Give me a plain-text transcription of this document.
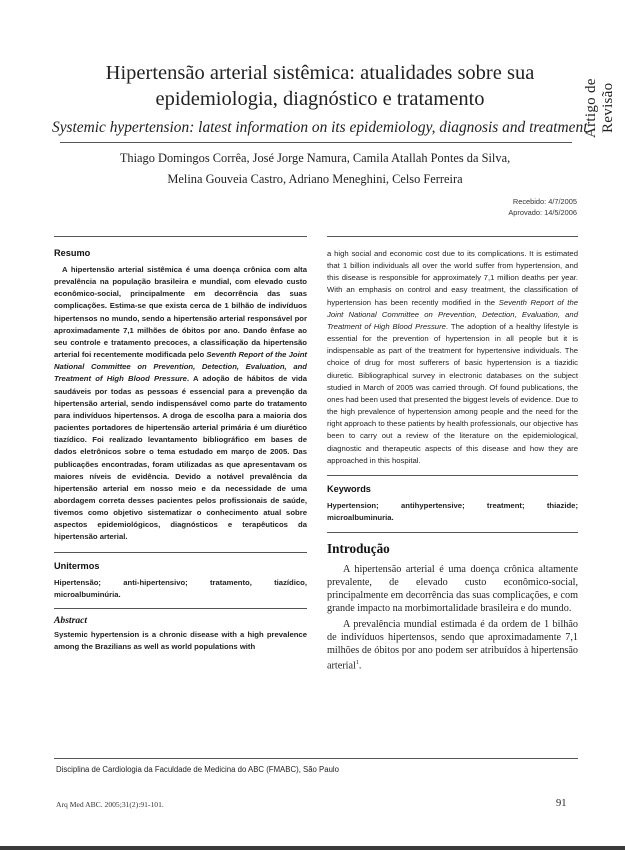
Artigo de Revisão
Hipertensão arterial sistêmica: atualidades sobre sua
epidemiologia, diagnóstico e tratamento
Systemic hypertension: latest information on its epidemiology, diagnosis and treatment
Thiago Domingos Corrêa, José Jorge Namura, Camila Atallah Pontes da Silva,
Melina Gouveia Castro, Adriano Meneghini, Celso Ferreira
Recebido: 4/7/2005
Aprovado: 14/5/2006
Resumo

A hipertensão arterial sistêmica é uma doença crônica com alta prevalência na população brasileira e mundial, com elevado custo econômico-social, principalmente em decorrência das suas complicações. Estima-se que exista cerca de 1 bilhão de indivíduos hipertensos no mundo, sendo a hipertensão arterial responsável por aproximadamente 7,1 milhões de óbitos por ano. Dando ênfase ao seu controle e tratamento precoces, a classificação da hipertensão arterial foi recentemente modificada pelo Seventh Report of the Joint National Committee on Prevention, Detection, Evaluation, and Treatment of High Blood Pressure. A adoção de hábitos de vida saudáveis por todas as pessoas é essencial para a prevenção da hipertensão arterial, sendo indispensável como parte do tratamento para indivíduos hipertensos. A droga de escolha para a maioria dos pacientes portadores de hipertensão arterial primária é um diurético tiazídico. Foi realizado levantamento bibliográfico em bases de dados eletrônicos sobre o tema estudado em março de 2005. Das publicações encontradas, foram utilizadas as que apresentavam os maiores níveis de evidência. Devido a notável prevalência da hipertensão arterial em nosso meio e da necessidade de uma abordagem correta desses pacientes pelos profissionais de saúde, tivemos como objetivo sistematizar o conhecimento atual sobre aspectos epidemiológicos, diagnósticos e terapêuticos da hipertensão arterial.

Unitermos

Hipertensão; anti-hipertensivo; tratamento, tiazídico, microalbuminúria.

Abstract

Systemic hypertension is a chronic disease with a high prevalence among the Brazilians as well as world populations with

a high social and economic cost due to its complications. It is estimated that 1 billion individuals all over the world suffer from hypertension, and this disease is responsible for approximately 7,1 million deaths per year. With an emphasis on control and easy treatment, the classification of hypertension has been recently modified in the Seventh Report of the Joint National Committee on Prevention, Detection, Evaluation, and Treatment of High Blood Pressure. The adoption of a healthy lifestyle is essential for the prevention of hypertension in all people but it is indispensable as part of the treatment for hypertensive individuals. The choice of drug for most sufferers of basic hypertension is a tiazidic diuretic. Bibliographical survey in electronic databases on the subject studied in March of 2005 was carried through. Of found publications, the ones had been used that presented the biggest levels of evidence. Due to the high prevalence of hypertension among people and the need for the right approach to these patients by health professionals, our objective has been to carry out a review of the literature on the epidemiological, diagnostic and therapeutic aspects of this disease and how they are approached in this hospital.

Keywords

Hypertension; antihypertensive; treatment; thiazide; microalbuminuria.

Introdução

A hipertensão arterial é uma doença crônica altamente prevalente, de elevado custo econômico-social, principalmente em decorrência das suas complicações, e com grande impacto na morbimortalidade brasileira e do mundo.

A prevalência mundial estimada é da ordem de 1 bilhão de indivíduos hipertensos, sendo que aproximadamente 7,1 milhões de óbitos por ano podem ser atribuídos à hipertensão arterial$^1$.

Disciplina de Cardiologia da Faculdade de Medicina do ABC (FMABC), São Paulo
Arq Med ABC. 2005;31(2):91-101.	91
